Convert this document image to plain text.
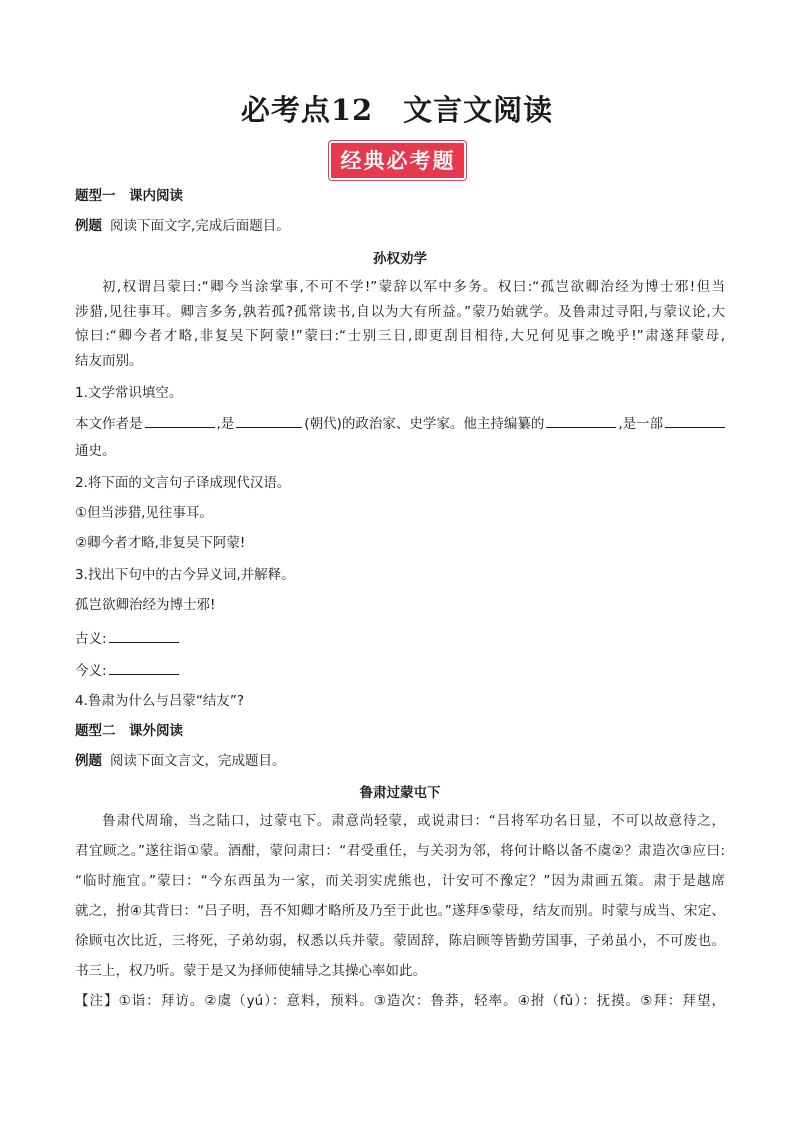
必考点12　文言文阅读
经典必考题
题型一　课内阅读
例题 阅读下面文字,完成后面题目。
孙权劝学
初,权谓吕蒙曰:“卿今当涂掌事,不可不学!”蒙辞以军中多务。权曰:“孤岂欲卿治经为博士邪!但当
涉猎,见往事耳。卿言多务,孰若孤?孤常读书,自以为大有所益。”蒙乃始就学。及鲁肃过寻阳,与蒙议论,大
惊曰:“卿今者才略,非复吴下阿蒙!”蒙曰:“士别三日,即更刮目相待,大兄何见事之晚乎!”肃遂拜蒙母,
结友而别。
1.文学常识填空。
本文作者是	,是	(朝代)的政治家、史学家。他主持编纂的	,是一部
通史。
2.将下面的文言句子译成现代汉语。
①但当涉猎,见往事耳。
②卿今者才略,非复吴下阿蒙!
3.找出下句中的古今异义词,并解释。
孤岂欲卿治经为博士邪!
古义:
今义:
4.鲁肃为什么与吕蒙“结友”?
题型二　课外阅读
例题 阅读下面文言文，完成题目。
鲁肃过蒙屯下
鲁肃代周瑜，当之陆口，过蒙屯下。肃意尚轻蒙，或说肃曰：“吕将军功名日显，不可以故意待之，
君宜顾之。”遂往诣①蒙。酒酣，蒙问肃曰：“君受重任，与关羽为邻，将何计略以备不虞②？肃造次③应曰:
“临时施宜。”蒙曰：“今东西虽为一家，而关羽实虎熊也，计安可不豫定？”因为肃画五策。肃于是越席
就之，拊④其背曰：“吕子明，吾不知卿才略所及乃至于此也。”遂拜⑤蒙母，结友而别。时蒙与成当、宋定、
徐顾屯次比近，三将死，子弟幼弱，权悉以兵并蒙。蒙固辞，陈启顾等皆勤劳国事，子弟虽小，不可废也。
书三上，权乃听。蒙于是又为择师使辅导之其操心率如此。
【注】①诣：拜访。②虞（yú）：意料，预料。③造次：鲁莽，轻率。④拊（fǔ）：抚摸。⑤拜：拜望，
